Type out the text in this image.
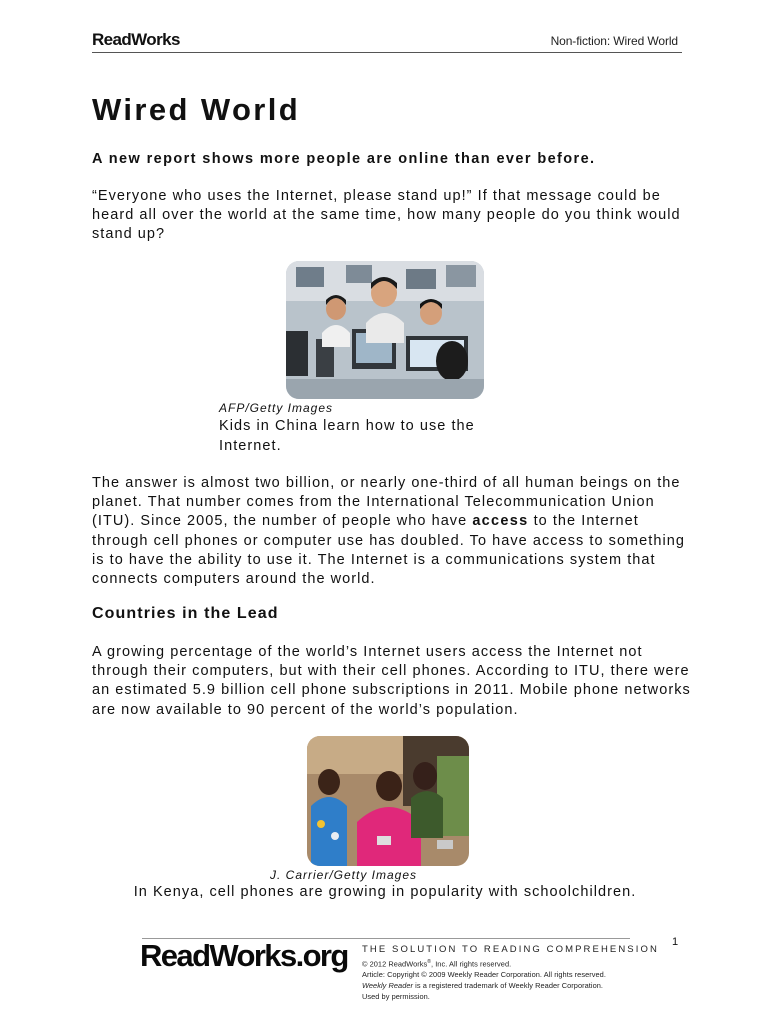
ReadWorks	Non-fiction: Wired World
Wired World
A new report shows more people are online than ever before.
“Everyone who uses the Internet, please stand up!” If that message could be heard all over the world at the same time, how many people do you think would stand up?
AFP/Getty Images
Kids in China learn how to use the Internet.
The answer is almost two billion, or nearly one-third of all human beings on the planet. That number comes from the International Telecommunication Union (ITU). Since 2005, the number of people who have access to the Internet through cell phones or computer use has doubled. To have access to something is to have the ability to use it. The Internet is a communications system that connects computers around the world.
Countries in the Lead
A growing percentage of the world’s Internet users access the Internet not through their computers, but with their cell phones. According to ITU, there were an estimated 5.9 billion cell phone subscriptions in 2011. Mobile phone networks are now available to 90 percent of the world’s population.
J. Carrier/Getty Images
In Kenya, cell phones are growing in popularity with schoolchildren.
1
ReadWorks.org THE SOLUTION TO READING COMPREHENSION
© 2012 ReadWorks®, Inc. All rights reserved.
Article: Copyright © 2009 Weekly Reader Corporation. All rights reserved.
Weekly Reader is a registered trademark of Weekly Reader Corporation.
Used by permission.
